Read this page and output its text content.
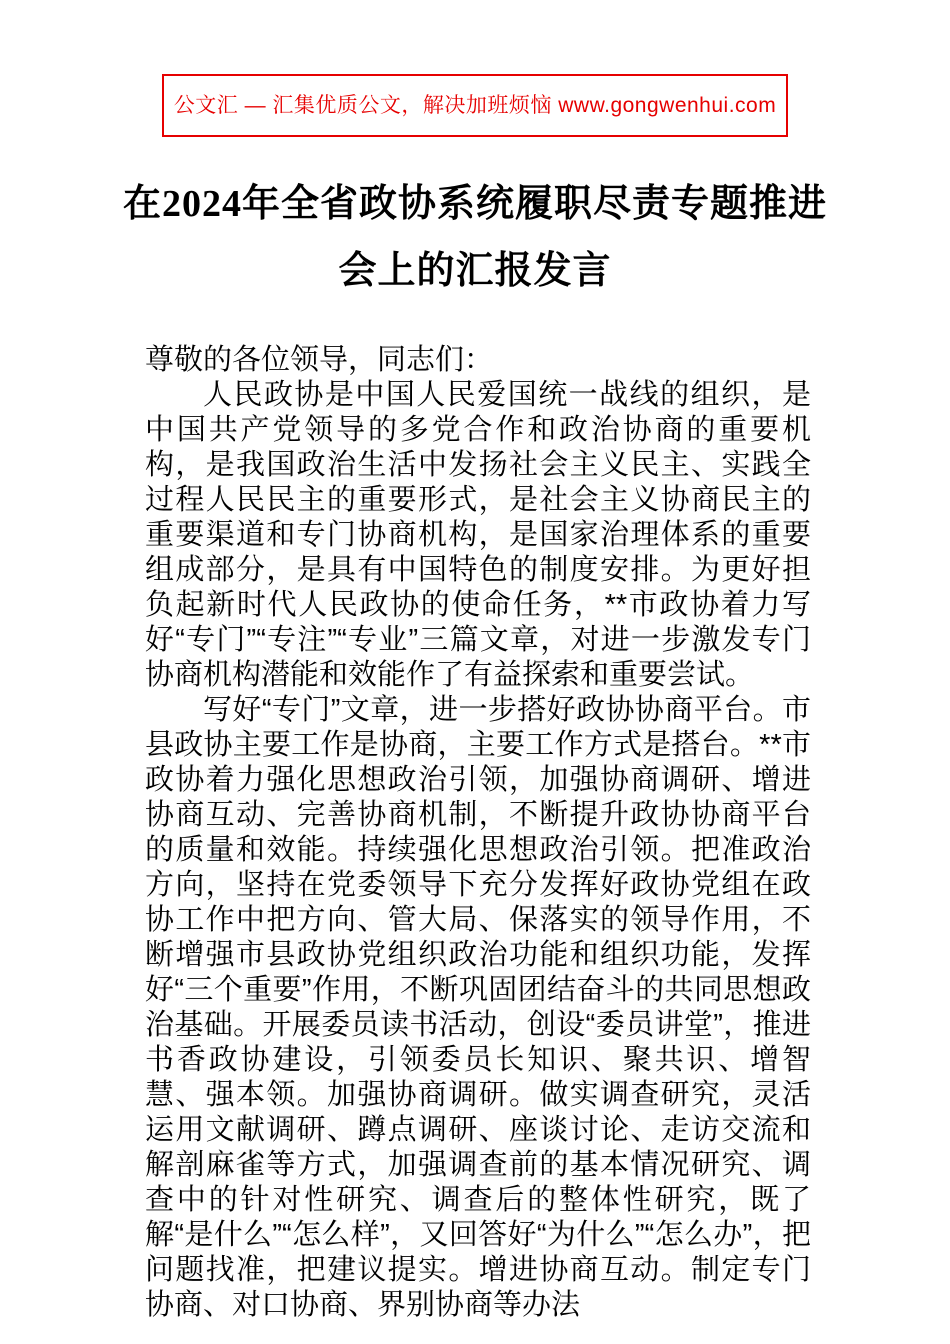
公文汇 — 汇集优质公文，解决加班烦恼 www.gongwenhui.com
在2024年全省政协系统履职尽责专题推进
会上的汇报发言

尊敬的各位领导，同志们：

人民政协是中国人民爱国统一战线的组织，是中国共产党领导的多党合作和政治协商的重要机构，是我国政治生活中发扬社会主义民主、实践全过程人民民主的重要形式，是社会主义协商民主的重要渠道和专门协商机构，是国家治理体系的重要组成部分，是具有中国特色的制度安排。为更好担负起新时代人民政协的使命任务，**市政协着力写好“专门”“专注”“专业”三篇文章，对进一步激发专门协商机构潜能和效能作了有益探索和重要尝试。

写好“专门”文章，进一步搭好政协协商平台。市县政协主要工作是协商，主要工作方式是搭台。**市政协着力强化思想政治引领，加强协商调研、增进协商互动、完善协商机制，不断提升政协协商平台的质量和效能。持续强化思想政治引领。把准政治方向，坚持在党委领导下充分发挥好政协党组在政协工作中把方向、管大局、保落实的领导作用，不断增强市县政协党组织政治功能和组织功能，发挥好“三个重要”作用，不断巩固团结奋斗的共同思想政治基础。开展委员读书活动，创设“委员讲堂”，推进书香政协建设，引领委员长知识、聚共识、增智慧、强本领。加强协商调研。做实调查研究，灵活运用文献调研、蹲点调研、座谈讨论、走访交流和解剖麻雀等方式，加强调查前的基本情况研究、调查中的针对性研究、调查后的整体性研究，既了解“是什么”“怎么样”，又回答好“为什么”“怎么办”，把问题找准，把建议提实。增进协商互动。制定专门协商、对口协商、界别协商等办法
